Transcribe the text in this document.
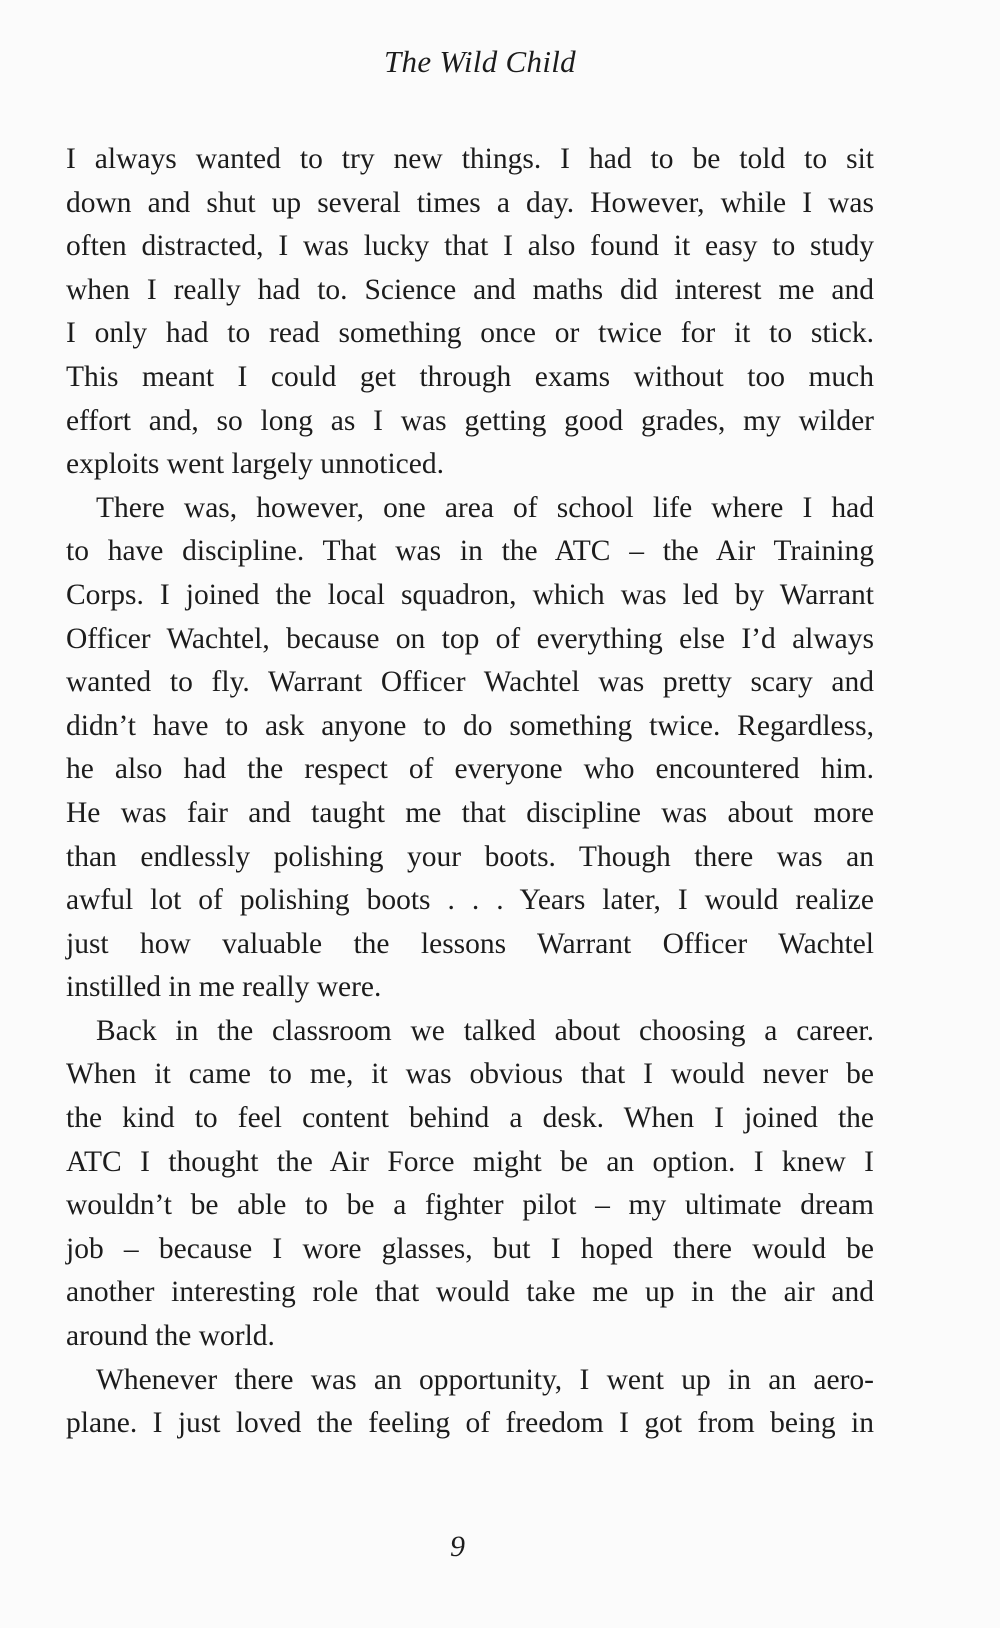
The Wild Child

I always wanted to try new things. I had to be told to sit
down and shut up several times a day. However, while I was
often distracted, I was lucky that I also found it easy to study
when I really had to. Science and maths did interest me and
I only had to read something once or twice for it to stick.
This meant I could get through exams without too much
effort and, so long as I was getting good grades, my wilder
exploits went largely unnoticed.

There was, however, one area of school life where I had
to have discipline. That was in the ATC – the Air Training
Corps. I joined the local squadron, which was led by Warrant
Officer Wachtel, because on top of everything else I’d always
wanted to fly. Warrant Officer Wachtel was pretty scary and
didn’t have to ask anyone to do something twice. Regardless,
he also had the respect of everyone who encountered him.
He was fair and taught me that discipline was about more
than endlessly polishing your boots. Though there was an
awful lot of polishing boots . . . Years later, I would realize
just how valuable the lessons Warrant Officer Wachtel
instilled in me really were.

Back in the classroom we talked about choosing a career.
When it came to me, it was obvious that I would never be
the kind to feel content behind a desk. When I joined the
ATC I thought the Air Force might be an option. I knew I
wouldn’t be able to be a fighter pilot – my ultimate dream
job – because I wore glasses, but I hoped there would be
another interesting role that would take me up in the air and
around the world.

Whenever there was an opportunity, I went up in an aero-
plane. I just loved the feeling of freedom I got from being in

9
